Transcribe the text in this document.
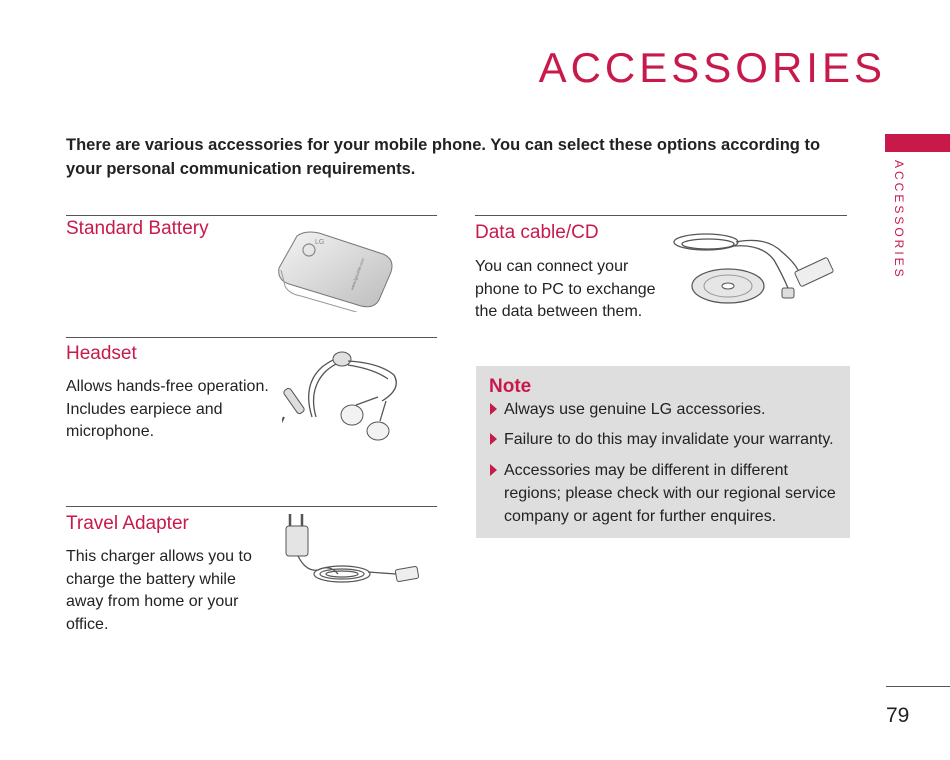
ACCESSORIES

There are various accessories for your mobile phone. You can select these options according to your personal communication requirements.	ACCESSORIES
Standard Battery
LG
www.lgmobile.com
Headset

Allows hands-free operation. Includes earpiece and microphone.

Travel Adapter

This charger allows you to charge the battery while away from home or your office.

Data cable/CD

You can connect your phone to PC to exchange the data between them.

Note
Always use genuine LG accessories.
Failure to do this may invalidate your warranty.
Accessories may be different in different regions; please check with our regional service company or agent for further enquires.
79
